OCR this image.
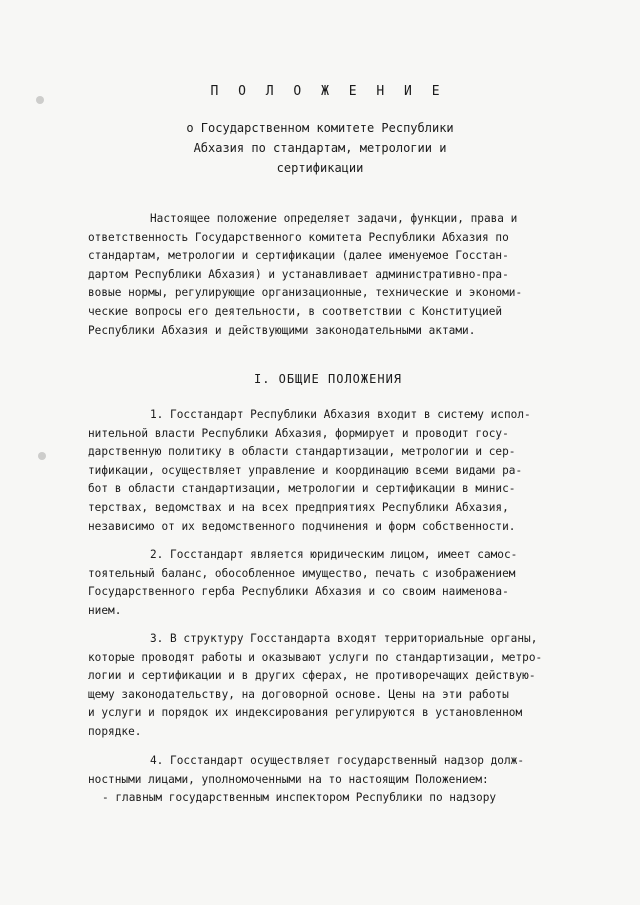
П О Л О Ж Е Н И Е
о Государственном комитете Республики
Абхазия по стандартам, метрологии и
сертификации
Настоящее положение определяет задачи, функции, права и
ответственность Государственного комитета Республики Абхазия по
стандартам, метрологии и сертификации (далее именуемое Госстан-
дартом Республики Абхазия) и устанавливает административно-пра-
вовые нормы, регулирующие организационные, технические и экономи-
ческие вопросы его деятельности, в соответствии с Конституцией
Республики Абхазия и действующими законодательными актами.
I. ОБЩИЕ ПОЛОЖЕНИЯ
1. Госстандарт Республики Абхазия входит в систему испол-
нительной власти Республики Абхазия, формирует и проводит госу-
дарственную политику в области стандартизации, метрологии и сер-
тификации, осуществляет управление и координацию всеми видами ра-
бот в области стандартизации, метрологии и сертификации в минис-
терствах, ведомствах и на всех предприятиях Республики Абхазия,
независимо от их ведомственного подчинения и форм собственности.
2. Госстандарт является юридическим лицом, имеет самос-
тоятельный баланс, обособленное имущество, печать с изображением
Государственного герба Республики Абхазия и со своим наименова-
нием.
3. В структуру Госстандарта входят территориальные органы,
которые проводят работы и оказывают услуги по стандартизации, метро-
логии и сертификации и в других сферах, не противоречащих действую-
щему законодательству, на договорной основе. Цены на эти работы
и услуги и порядок их индексирования регулируются в установленном
порядке.
4. Госстандарт осуществляет государственный надзор долж-
ностными лицами, уполномоченными на то настоящим Положением:
- главным государственным инспектором Республики по надзору
